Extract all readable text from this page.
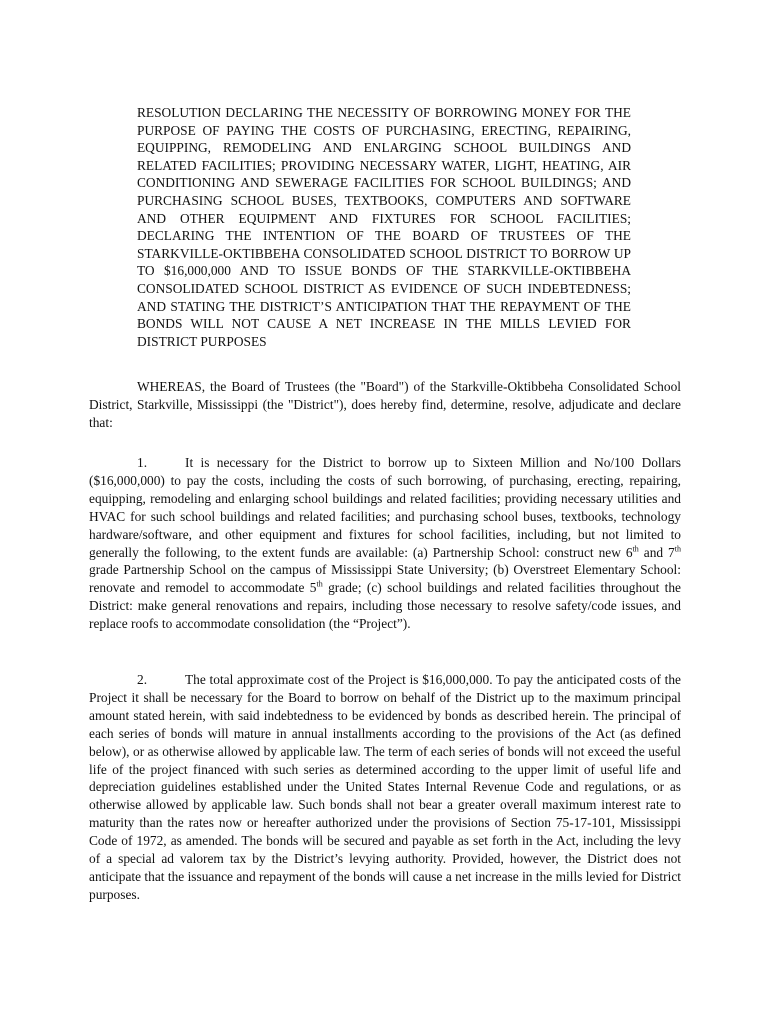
RESOLUTION DECLARING THE NECESSITY OF BORROWING MONEY FOR THE PURPOSE OF PAYING THE COSTS OF PURCHASING, ERECTING, REPAIRING, EQUIPPING, REMODELING AND ENLARGING SCHOOL BUILDINGS AND RELATED FACILITIES; PROVIDING NECESSARY WATER, LIGHT, HEATING, AIR CONDITIONING AND SEWERAGE FACILITIES FOR SCHOOL BUILDINGS; AND PURCHASING SCHOOL BUSES, TEXTBOOKS, COMPUTERS AND SOFTWARE AND OTHER EQUIPMENT AND FIXTURES FOR SCHOOL FACILITIES; DECLARING THE INTENTION OF THE BOARD OF TRUSTEES OF THE STARKVILLE-OKTIBBEHA CONSOLIDATED SCHOOL DISTRICT TO BORROW UP TO $16,000,000 AND TO ISSUE BONDS OF THE STARKVILLE-OKTIBBEHA CONSOLIDATED SCHOOL DISTRICT AS EVIDENCE OF SUCH INDEBTEDNESS; AND STATING THE DISTRICT’S ANTICIPATION THAT THE REPAYMENT OF THE BONDS WILL NOT CAUSE A NET INCREASE IN THE MILLS LEVIED FOR DISTRICT PURPOSES

WHEREAS, the Board of Trustees (the "Board") of the Starkville-Oktibbeha Consolidated School District, Starkville, Mississippi (the "District"), does hereby find, determine, resolve, adjudicate and declare that:

1.	It is necessary for the District to borrow up to Sixteen Million and No/100 Dollars ($16,000,000) to pay the costs, including the costs of such borrowing, of purchasing, erecting, repairing, equipping, remodeling and enlarging school buildings and related facilities; providing necessary utilities and HVAC for such school buildings and related facilities; and purchasing school buses, textbooks, technology hardware/software, and other equipment and fixtures for school facilities, including, but not limited to generally the following, to the extent funds are available: (a) Partnership School: construct new 6th and 7th grade Partnership School on the campus of Mississippi State University; (b) Overstreet Elementary School: renovate and remodel to accommodate 5th grade; (c) school buildings and related facilities throughout the District: make general renovations and repairs, including those necessary to resolve safety/code issues, and replace roofs to accommodate consolidation (the “Project”).

2.	The total approximate cost of the Project is $16,000,000. To pay the anticipated costs of the Project it shall be necessary for the Board to borrow on behalf of the District up to the maximum principal amount stated herein, with said indebtedness to be evidenced by bonds as described herein. The principal of each series of bonds will mature in annual installments according to the provisions of the Act (as defined below), or as otherwise allowed by applicable law. The term of each series of bonds will not exceed the useful life of the project financed with such series as determined according to the upper limit of useful life and depreciation guidelines established under the United States Internal Revenue Code and regulations, or as otherwise allowed by applicable law. Such bonds shall not bear a greater overall maximum interest rate to maturity than the rates now or hereafter authorized under the provisions of Section 75-17-101, Mississippi Code of 1972, as amended. The bonds will be secured and payable as set forth in the Act, including the levy of a special ad valorem tax by the District’s levying authority. Provided, however, the District does not anticipate that the issuance and repayment of the bonds will cause a net increase in the mills levied for District purposes.
